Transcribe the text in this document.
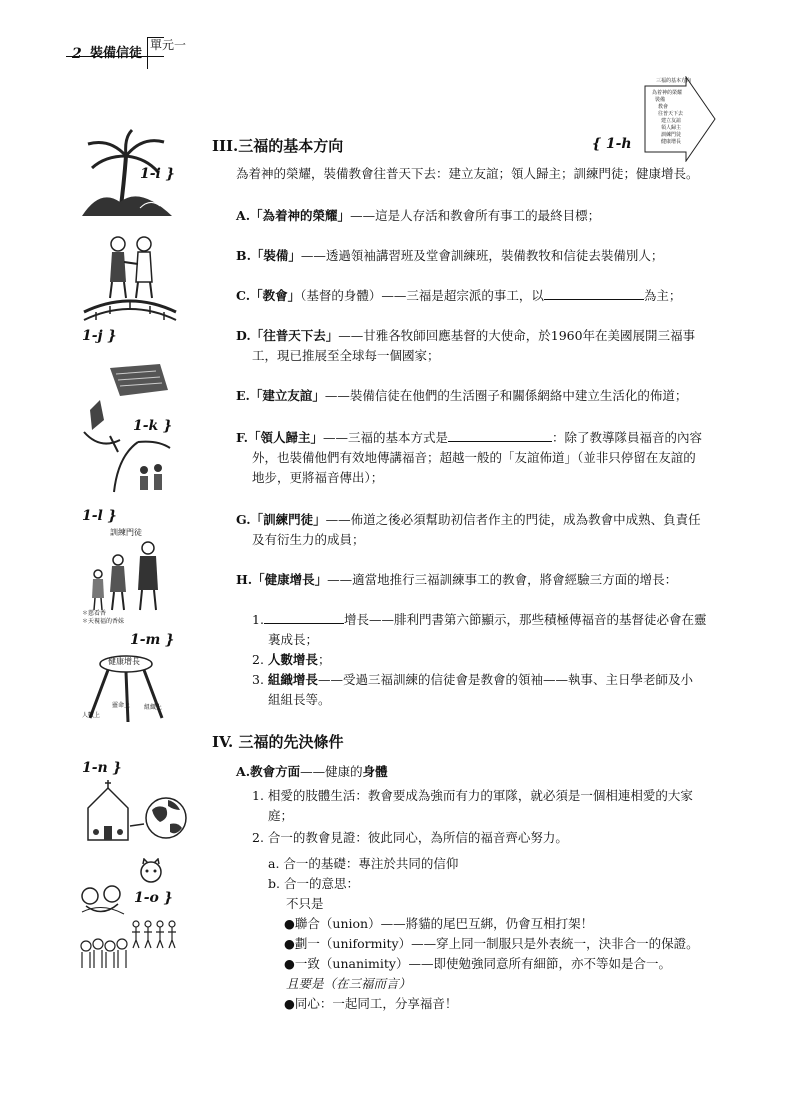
2 裝備信徒
單元一
1-i }
1-j }
1-k }
1-l }
訓練門徒
＊慈看香
＊天視福的香妹
1-m }
健康增長
靈命上
人數上
組織上
1-n }
1-o }
三福的基本方向
為着神的榮耀
裝備
教會
往普天下去
建立友誼
領人歸主
訓練門徒
健康增長
III.三福的基本方向	{ 1-h
為着神的榮耀，裝備教會往普天下去：建立友誼；領人歸主；訓練門徒；健康增長。
A.「為着神的榮耀」——這是人存活和教會所有事工的最終目標；
B.「裝備」——透過領袖講習班及堂會訓練班，裝備教牧和信徒去裝備別人；
C.「教會」（基督的身體）——三福是超宗派的事工，以	為主；
D.「往普天下去」——甘雅各牧師回應基督的大使命，於1960年在美國展開三福事
工，現已推展至全球每一個國家；
E.「建立友誼」——裝備信徒在他們的生活圈子和關係網絡中建立生活化的佈道；
F.「領人歸主」——三福的基本方式是	：除了教導隊員福音的內容
外，也裝備他們有效地傳講福音；超越一般的「友誼佈道」（並非只停留在友誼的
地步，更將福音傳出）；
G.「訓練門徒」——佈道之後必須幫助初信者作主的門徒，成為教會中成熟、負責任
及有衍生力的成員；
H.「健康增長」——適當地推行三福訓練事工的教會，將會經驗三方面的增長：
1.	增長——腓利門書第六節顯示，那些積極傳福音的基督徒必會在靈
裏成長；
2. 人數增長；
3. 組織增長——受過三福訓練的信徒會是教會的領袖——執事、主日學老師及小
組組長等。
IV. 三福的先決條件
A.教會方面——健康的身體
1. 相愛的肢體生活：教會要成為強而有力的軍隊，就必須是一個相連相愛的大家
庭；
2. 合一的教會見證：彼此同心，為所信的福音齊心努力。
a. 合一的基礎：專注於共同的信仰
b. 合一的意思：
不只是
●聯合（union）——將貓的尾巴互綁，仍會互相打架！
●劃一（uniformity）——穿上同一制服只是外表統一，決非合一的保證。
●一致（unanimity）——即使勉強同意所有細節，亦不等如是合一。
且要是（在三福而言）
●同心：一起同工，分享福音！
